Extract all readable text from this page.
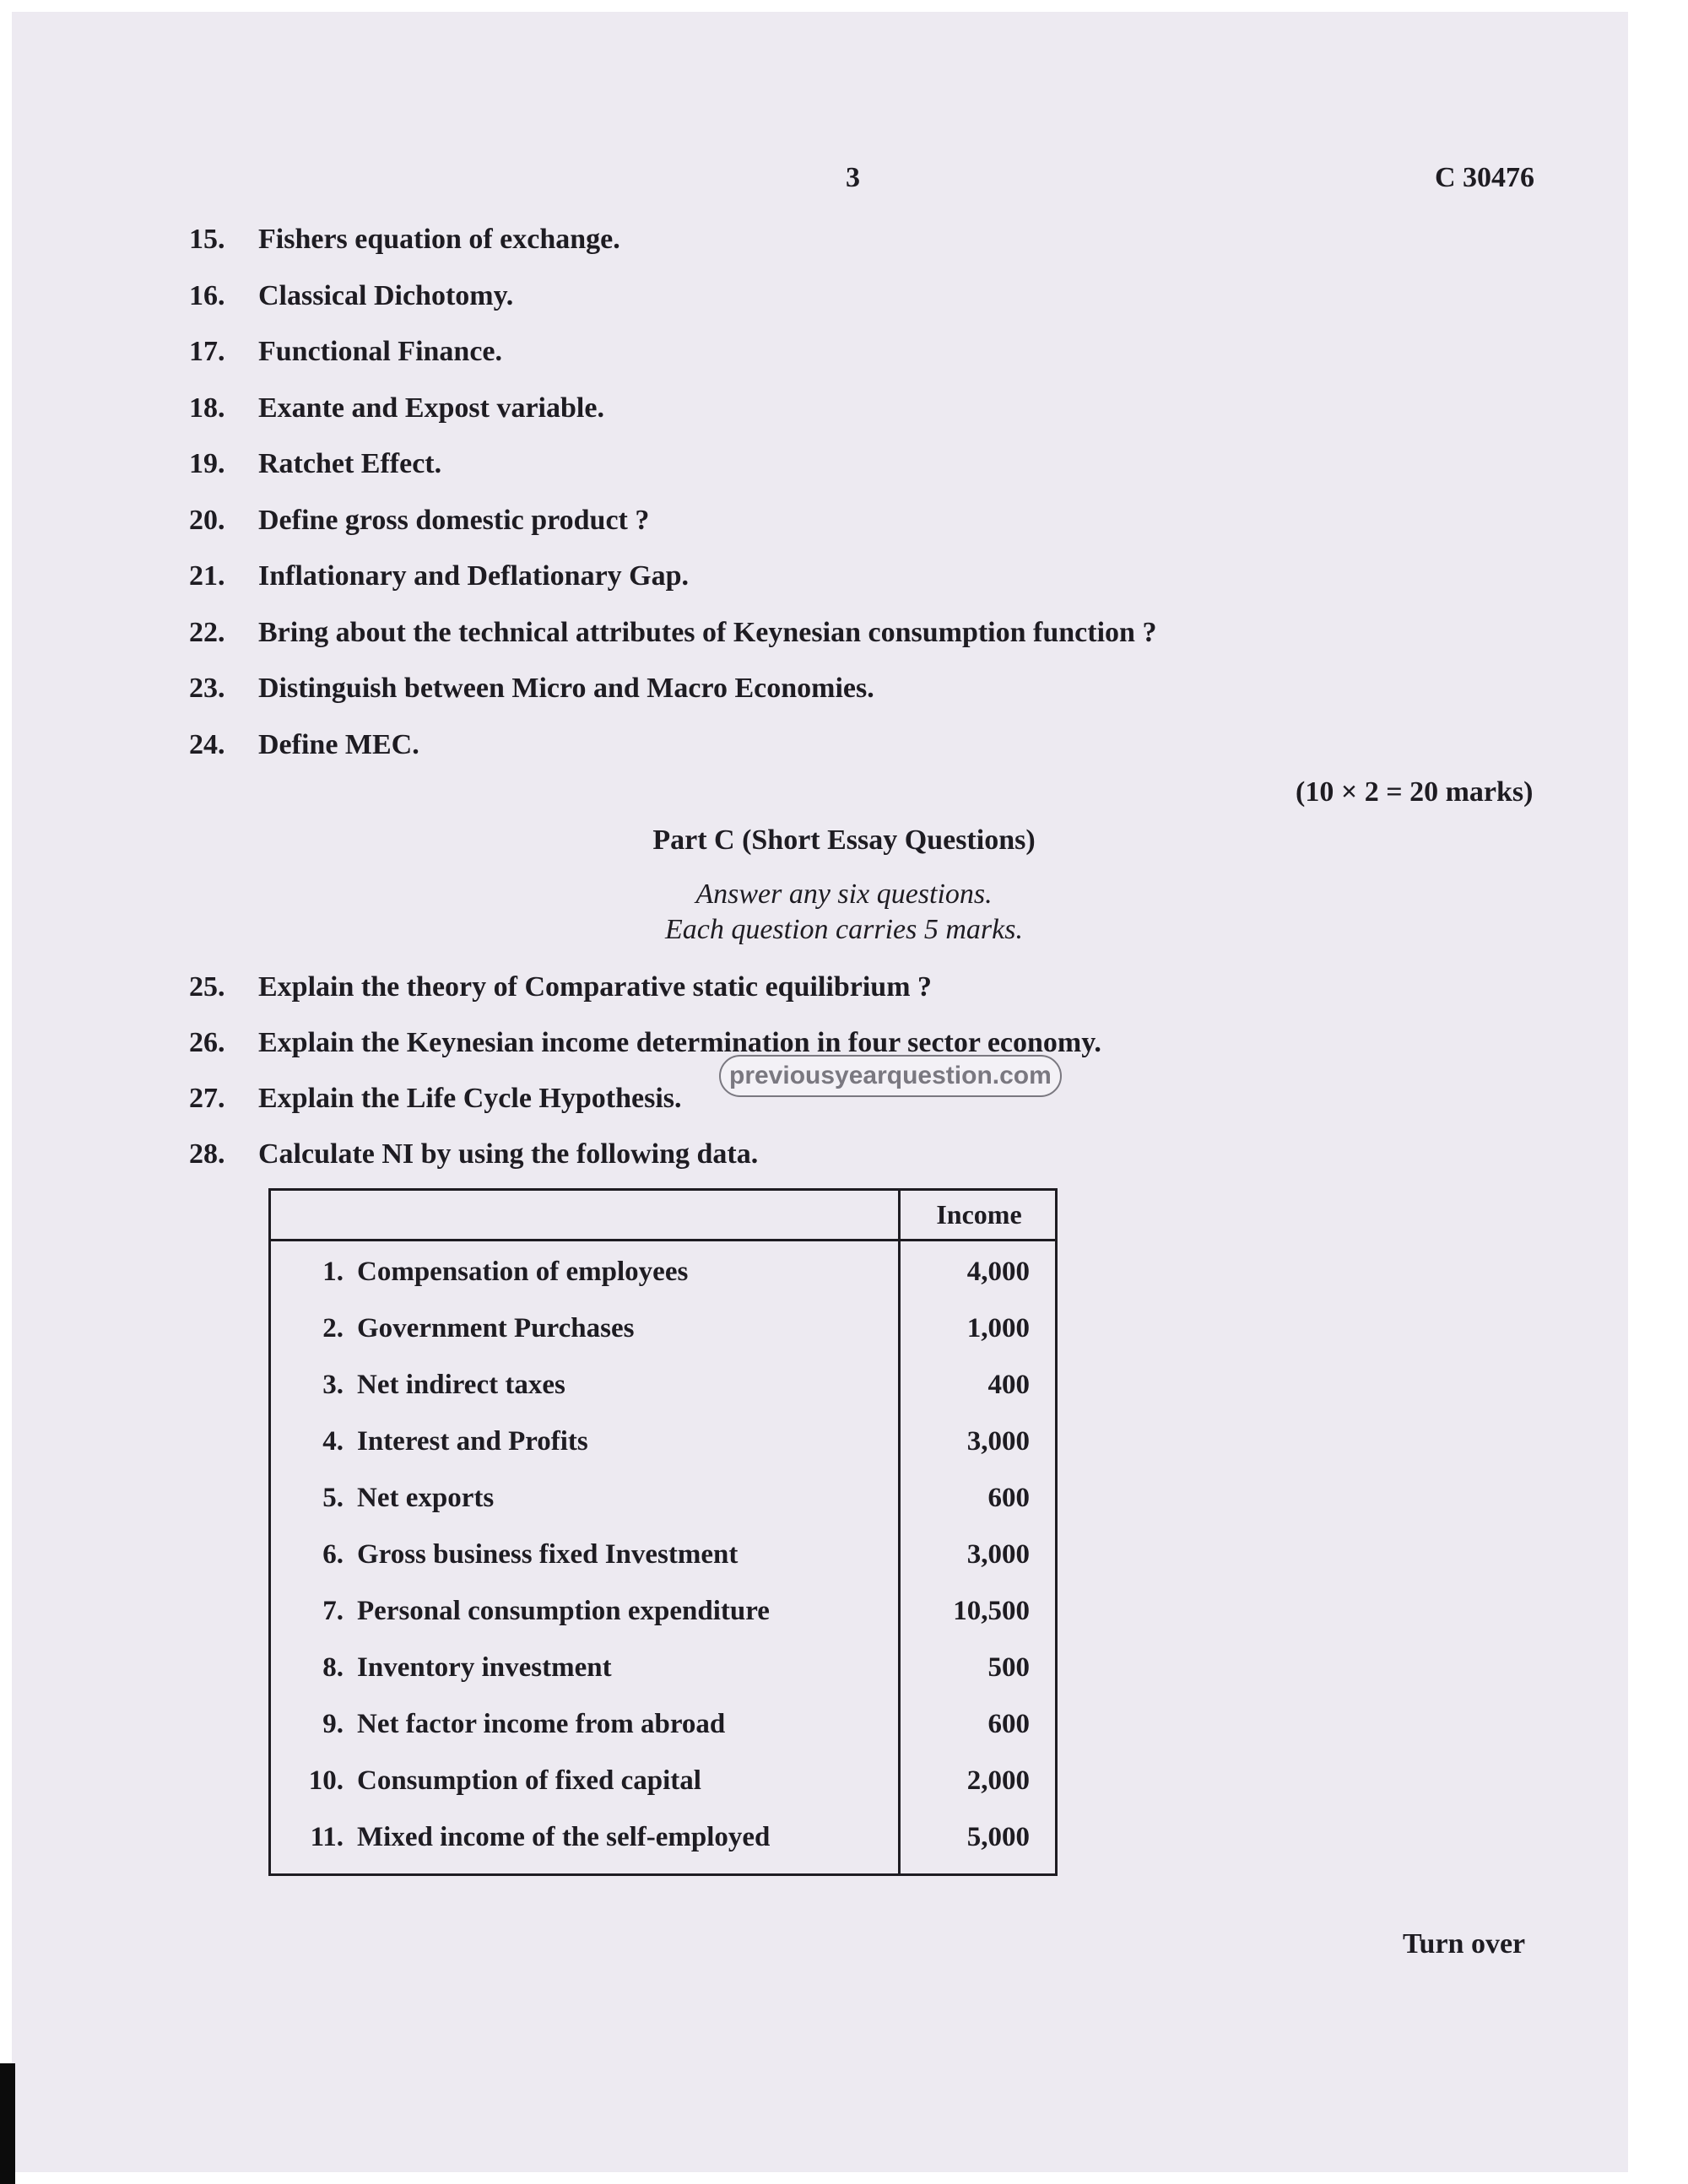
3	C 30476
15. Fishers equation of exchange.
16. Classical Dichotomy.
17. Functional Finance.
18. Exante and Expost variable.
19. Ratchet Effect.
20. Define gross domestic product ?
21. Inflationary and Deflationary Gap.
22. Bring about the technical attributes of Keynesian consumption function ?
23. Distinguish between Micro and Macro Economies.
24. Define MEC.
(10 × 2 = 20 marks)
Part C (Short Essay Questions)
Answer any six questions.
Each question carries 5 marks.
25. Explain the theory of Comparative static equilibrium ?
26. Explain the Keynesian income determination in four sector economy.
27. Explain the Life Cycle Hypothesis.
28. Calculate NI by using the following data.
previousyearquestion.com
Income
1. Compensation of employees	4,000
2. Government Purchases	1,000
3. Net indirect taxes	400
4. Interest and Profits	3,000
5. Net exports	600
6. Gross business fixed Investment	3,000
7. Personal consumption expenditure	10,500
8. Inventory investment	500
9. Net factor income from abroad	600
10. Consumption of fixed capital	2,000
11. Mixed income of the self-employed	5,000
Turn over
